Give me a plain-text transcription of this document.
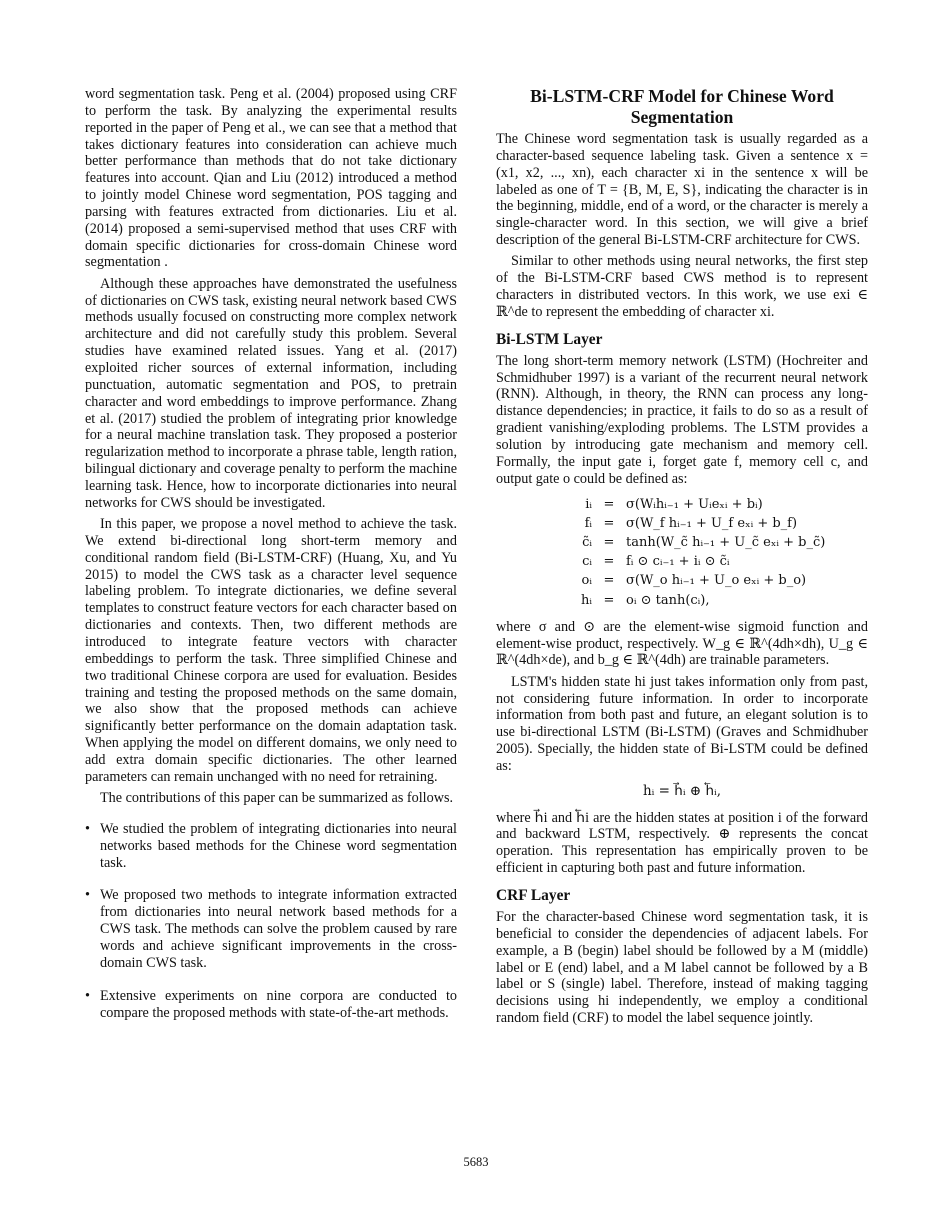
word segmentation task. Peng et al. (2004) proposed using CRF to perform the task. By analyzing the experimental results reported in the paper of Peng et al., we can see that a method that takes dictionary features into consideration can achieve much better performance than methods that do not take dictionary features into account. Qian and Liu (2012) introduced a method to jointly model Chinese word segmentation, POS tagging and parsing with features extracted from dictionaries. Liu et al. (2014) proposed a semi-supervised method that uses CRF with domain specific dictionaries for cross-domain Chinese word segmentation .

Although these approaches have demonstrated the usefulness of dictionaries on CWS task, existing neural network based CWS methods usually focused on constructing more complex network architecture and did not carefully study this problem. Several studies have examined related issues. Yang et al. (2017) exploited richer sources of external information, including punctuation, automatic segmentation and POS, to pretrain character and word embeddings to improve performance. Zhang et al. (2017) studied the problem of integrating prior knowledge for a neural machine translation task. They proposed a posterior regularization method to incorporate a phrase table, length ration, bilingual dictionary and coverage penalty to perform the machine learning task. Hence, how to incorporate dictionaries into neural networks for CWS should be investigated.

In this paper, we propose a novel method to achieve the task. We extend bi-directional long short-term memory and conditional random field (Bi-LSTM-CRF) (Huang, Xu, and Yu 2015) to model the CWS task as a character level sequence labeling problem. To integrate dictionaries, we define several templates to construct feature vectors for each character based on dictionaries and contexts. Then, two different methods are introduced to integrate feature vectors with character embeddings to perform the task. Three simplified Chinese and two traditional Chinese corpora are used for evaluation. Besides training and testing the proposed methods on the same domain, we also show that the proposed methods can achieve significantly better performance on the domain adaptation task. When applying the model on different domains, we only need to add extra domain specific dictionaries. The other learned parameters can remain unchanged with no need for retraining.

The contributions of this paper can be summarized as follows.

• We studied the problem of integrating dictionaries into neural networks based methods for the Chinese word segmentation task.
• We proposed two methods to integrate information extracted from dictionaries into neural network based methods for a CWS task. The methods can solve the problem caused by rare words and achieve significant improvements in the cross-domain CWS task.
• Extensive experiments on nine corpora are conducted to compare the proposed methods with state-of-the-art methods.
Bi-LSTM-CRF Model for Chinese Word Segmentation

The Chinese word segmentation task is usually regarded as a character-based sequence labeling task. Given a sentence x = (x1, x2, ..., xn), each character xi in the sentence x will be labeled as one of T = {B, M, E, S}, indicating the character is in the beginning, middle, end of a word, or the character is merely a single-character word. In this section, we will give a brief description of the general Bi-LSTM-CRF architecture for CWS.

Similar to other methods using neural networks, the first step of the Bi-LSTM-CRF based CWS method is to represent characters in distributed vectors. In this work, we use exi ∈ ℝ^de to represent the embedding of character xi.

Bi-LSTM Layer

The long short-term memory network (LSTM) (Hochreiter and Schmidhuber 1997) is a variant of the recurrent neural network (RNN). Although, in theory, the RNN can process any long-distance dependencies; in practice, it fails to do so as a result of gradient vanishing/exploding problems. The LSTM provides a solution by introducing gate mechanism and memory cell. Formally, the input gate i, forget gate f, memory cell c, and output gate o could be defined as:

iᵢ = σ(Wᵢhᵢ₋₁ + Uᵢeₓᵢ + bᵢ)
fᵢ = σ(W_f hᵢ₋₁ + U_f eₓᵢ + b_f)
c̃ᵢ = tanh(W_c̃ hᵢ₋₁ + U_c̃ eₓᵢ + b_c̃)
cᵢ = fᵢ ⊙ cᵢ₋₁ + iᵢ ⊙ c̃ᵢ
oᵢ = σ(W_o hᵢ₋₁ + U_o eₓᵢ + b_o)
hᵢ = oᵢ ⊙ tanh(cᵢ),

where σ and ⊙ are the element-wise sigmoid function and element-wise product, respectively. W_g ∈ ℝ^(4dh×dh), U_g ∈ ℝ^(4dh×de), and b_g ∈ ℝ^(4dh) are trainable parameters.

LSTM's hidden state hi just takes information only from past, not considering future information. In order to incorporate information from both past and future, an elegant solution is to use bi-directional LSTM (Bi-LSTM) (Graves and Schmidhuber 2005). Specially, the hidden state of Bi-LSTM could be defined as:

hᵢ = h⃗ᵢ ⊕ h⃖ᵢ,

where h⃗i and h⃖i are the hidden states at position i of the forward and backward LSTM, respectively. ⊕ represents the concat operation. This representation has empirically proven to be efficient in capturing both past and future information.

CRF Layer

For the character-based Chinese word segmentation task, it is beneficial to consider the dependencies of adjacent labels. For example, a B (begin) label should be followed by a M (middle) label or E (end) label, and a M label cannot be followed by a B label or S (single) label. Therefore, instead of making tagging decisions using hi independently, we employ a conditional random field (CRF) to model the label sequence jointly.

5683
